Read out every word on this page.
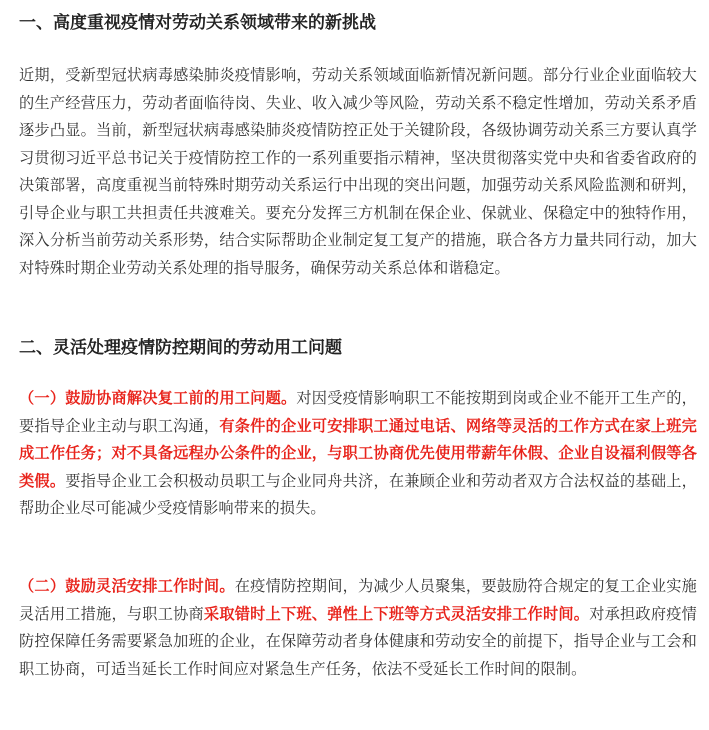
一、高度重视疫情对劳动关系领域带来的新挑战

近期，受新型冠状病毒感染肺炎疫情影响，劳动关系领域面临新情况新问题。部分行业企业面临较大的生产经营压力，劳动者面临待岗、失业、收入减少等风险，劳动关系不稳定性增加，劳动关系矛盾逐步凸显。当前，新型冠状病毒感染肺炎疫情防控正处于关键阶段，各级协调劳动关系三方要认真学习贯彻习近平总书记关于疫情防控工作的一系列重要指示精神，坚决贯彻落实党中央和省委省政府的决策部署，高度重视当前特殊时期劳动关系运行中出现的突出问题，加强劳动关系风险监测和研判，引导企业与职工共担责任共渡难关。要充分发挥三方机制在保企业、保就业、保稳定中的独特作用，深入分析当前劳动关系形势，结合实际帮助企业制定复工复产的措施，联合各方力量共同行动，加大对特殊时期企业劳动关系处理的指导服务，确保劳动关系总体和谐稳定。

二、灵活处理疫情防控期间的劳动用工问题

（一）鼓励协商解决复工前的用工问题。对因受疫情影响职工不能按期到岗或企业不能开工生产的，要指导企业主动与职工沟通，有条件的企业可安排职工通过电话、网络等灵活的工作方式在家上班完成工作任务；对不具备远程办公条件的企业，与职工协商优先使用带薪年休假、企业自设福利假等各类假。要指导企业工会积极动员职工与企业同舟共济，在兼顾企业和劳动者双方合法权益的基础上，帮助企业尽可能减少受疫情影响带来的损失。

（二）鼓励灵活安排工作时间。在疫情防控期间，为减少人员聚集，要鼓励符合规定的复工企业实施灵活用工措施，与职工协商采取错时上下班、弹性上下班等方式灵活安排工作时间。对承担政府疫情防控保障任务需要紧急加班的企业，在保障劳动者身体健康和劳动安全的前提下，指导企业与工会和职工协商，可适当延长工作时间应对紧急生产任务，依法不受延长工作时间的限制。
